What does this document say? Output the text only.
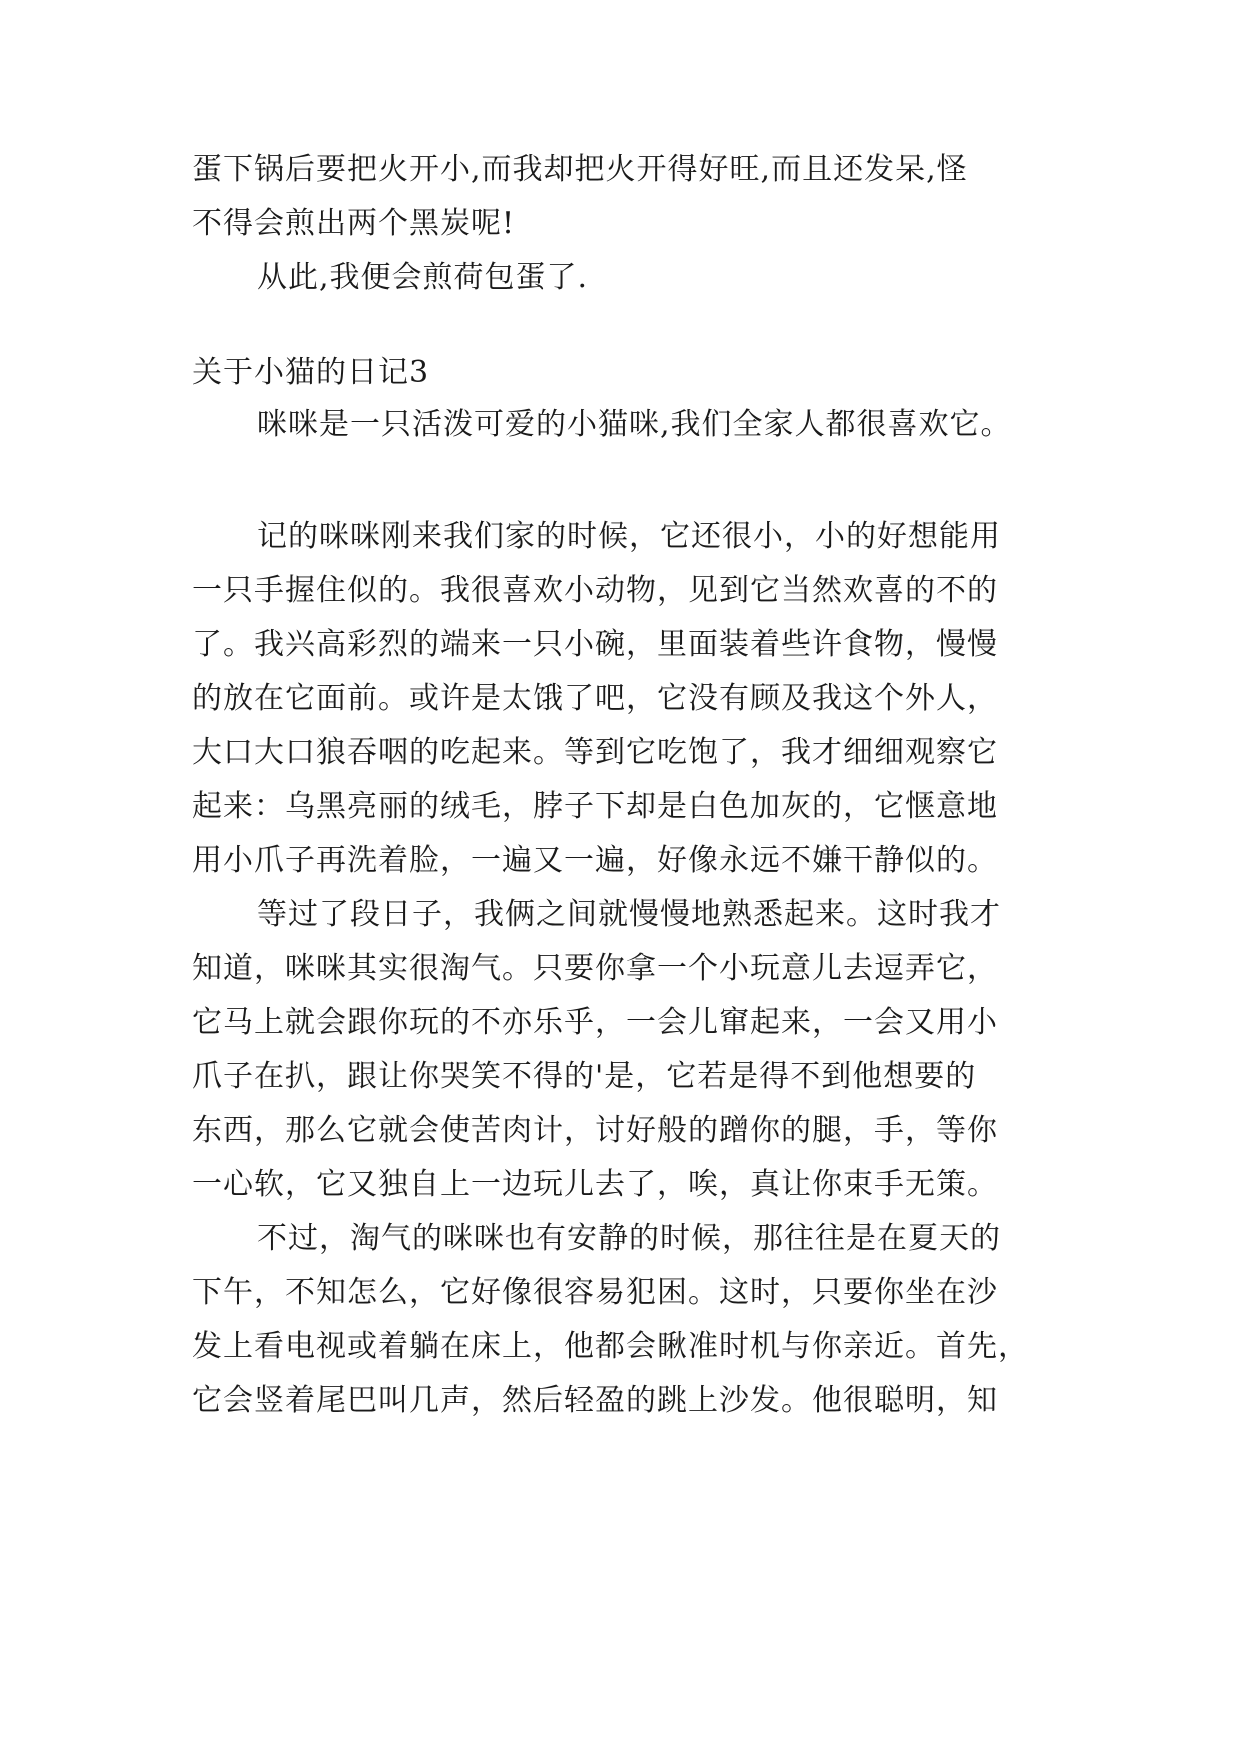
蛋下锅后要把火开小,而我却把火开得好旺,而且还发呆,怪
不得会煎出两个黑炭呢!
从此,我便会煎荷包蛋了.
关于小猫的日记3
咪咪是一只活泼可爱的小猫咪,我们全家人都很喜欢它。
记的咪咪刚来我们家的时候，它还很小，小的好想能用
一只手握住似的。我很喜欢小动物，见到它当然欢喜的不的
了。我兴高彩烈的端来一只小碗，里面装着些许食物，慢慢
的放在它面前。或许是太饿了吧，它没有顾及我这个外人，
大口大口狼吞咽的吃起来。等到它吃饱了，我才细细观察它
起来：乌黑亮丽的绒毛，脖子下却是白色加灰的，它惬意地
用小爪子再洗着脸，一遍又一遍，好像永远不嫌干静似的。
等过了段日子，我俩之间就慢慢地熟悉起来。这时我才
知道，咪咪其实很淘气。只要你拿一个小玩意儿去逗弄它，
它马上就会跟你玩的不亦乐乎，一会儿窜起来，一会又用小
爪子在扒，跟让你哭笑不得的'是，它若是得不到他想要的
东西，那么它就会使苦肉计，讨好般的蹭你的腿，手，等你
一心软，它又独自上一边玩儿去了，唉，真让你束手无策。
不过，淘气的咪咪也有安静的时候，那往往是在夏天的
下午，不知怎么，它好像很容易犯困。这时，只要你坐在沙
发上看电视或着躺在床上，他都会瞅准时机与你亲近。首先，
它会竖着尾巴叫几声，然后轻盈的跳上沙发。他很聪明，知
